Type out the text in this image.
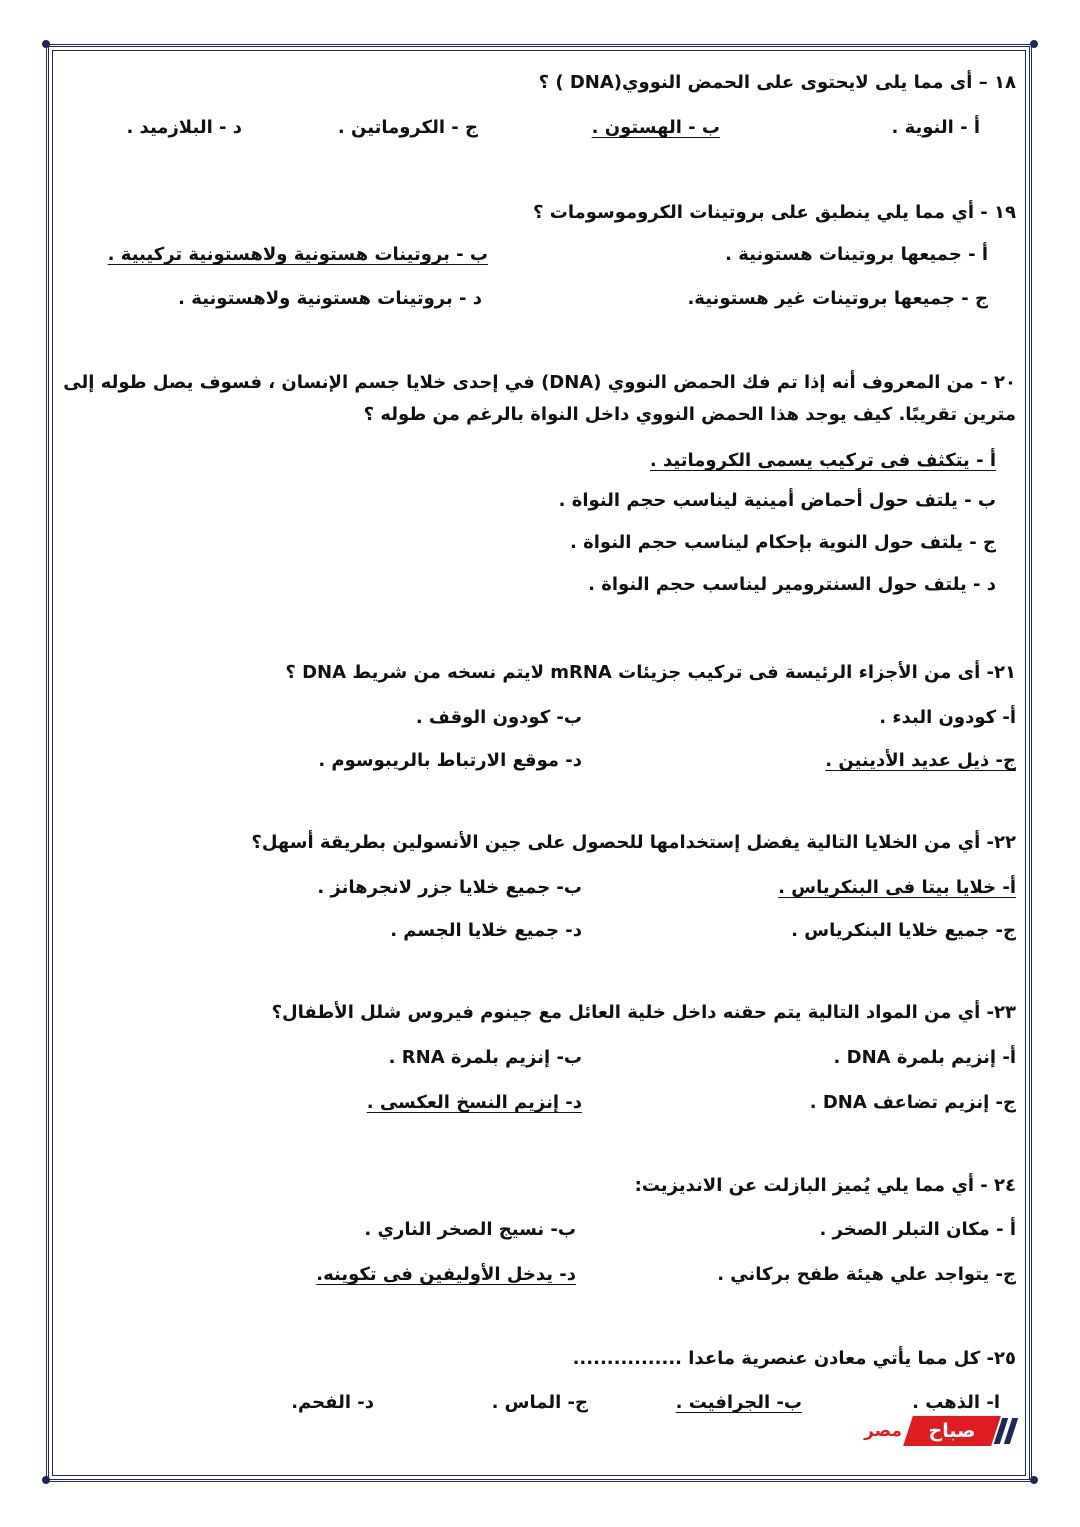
١٨ – أى مما يلى لايحتوى على الحمض النووي(DNA ) ؟
أ - النوية .
ب - الهستون .
ج - الكروماتين .
د - البلازميد .
١٩ - أي مما يلي ينطبق على بروتينات الكروموسومات ؟
أ - جميعها بروتينات هستونية .
ب - بروتينات هستونية ولاهستونية تركيبية .
ج - جميعها بروتينات غير هستونية.
د - بروتينات هستونية ولاهستونية .
٢٠ - من المعروف أنه إذا تم فك الحمض النووي (DNA) في إحدى خلايا جسم الإنسان ، فسوف يصل طوله إلى
مترين تقريبًا. كيف يوجد هذا الحمض النووي داخل النواة بالرغم من طوله ؟
أ - يتكثف فى تركيب يسمى الكروماتيد .
ب - يلتف حول أحماض أمينية ليناسب حجم النواة .
ج - يلتف حول النوية بإحكام ليناسب حجم النواة .
د - يلتف حول السنترومير ليناسب حجم النواة .
٢١- أى من الأجزاء الرئيسة فى تركيب جزيئات mRNA لايتم نسخه من شريط DNA ؟
أ- كودون البدء .
ب- كودون الوقف .
ج- ذيل عديد الأدينين .
د- موقع الارتباط بالريبوسوم .
٢٢- أي من الخلايا التالية يفضل إستخدامها للحصول على جين الأنسولين بطريقة أسهل؟
أ- خلايا بيتا فى البنكرياس .
ب- جميع خلايا جزر لانجرهانز .
ج- جميع خلايا البنكرياس .
د- جميع خلايا الجسم .
٢٣- أي من المواد التالية يتم حقنه داخل خلية العائل مع جينوم فيروس شلل الأطفال؟
أ- إنزيم بلمرة DNA .
ب- إنزيم بلمرة RNA .
ج- إنزيم تضاعف DNA .
د- إنزيم النسخ العكسى .
٢٤ - أي مما يلي يُميز البازلت عن الانديزيت:
أ - مكان التبلر الصخر .
ب- نسيج الصخر الناري .
ج- يتواجد علي هيئة طفح بركاني .
د- يدخل الأوليفين فى تكوينه.
٢٥- كل مما يأتي معادن عنصرية ماعدا ................
ا- الذهب .
ب- الجرافيت .
ج- الماس .
د- الفحم.
مصر	صباح
